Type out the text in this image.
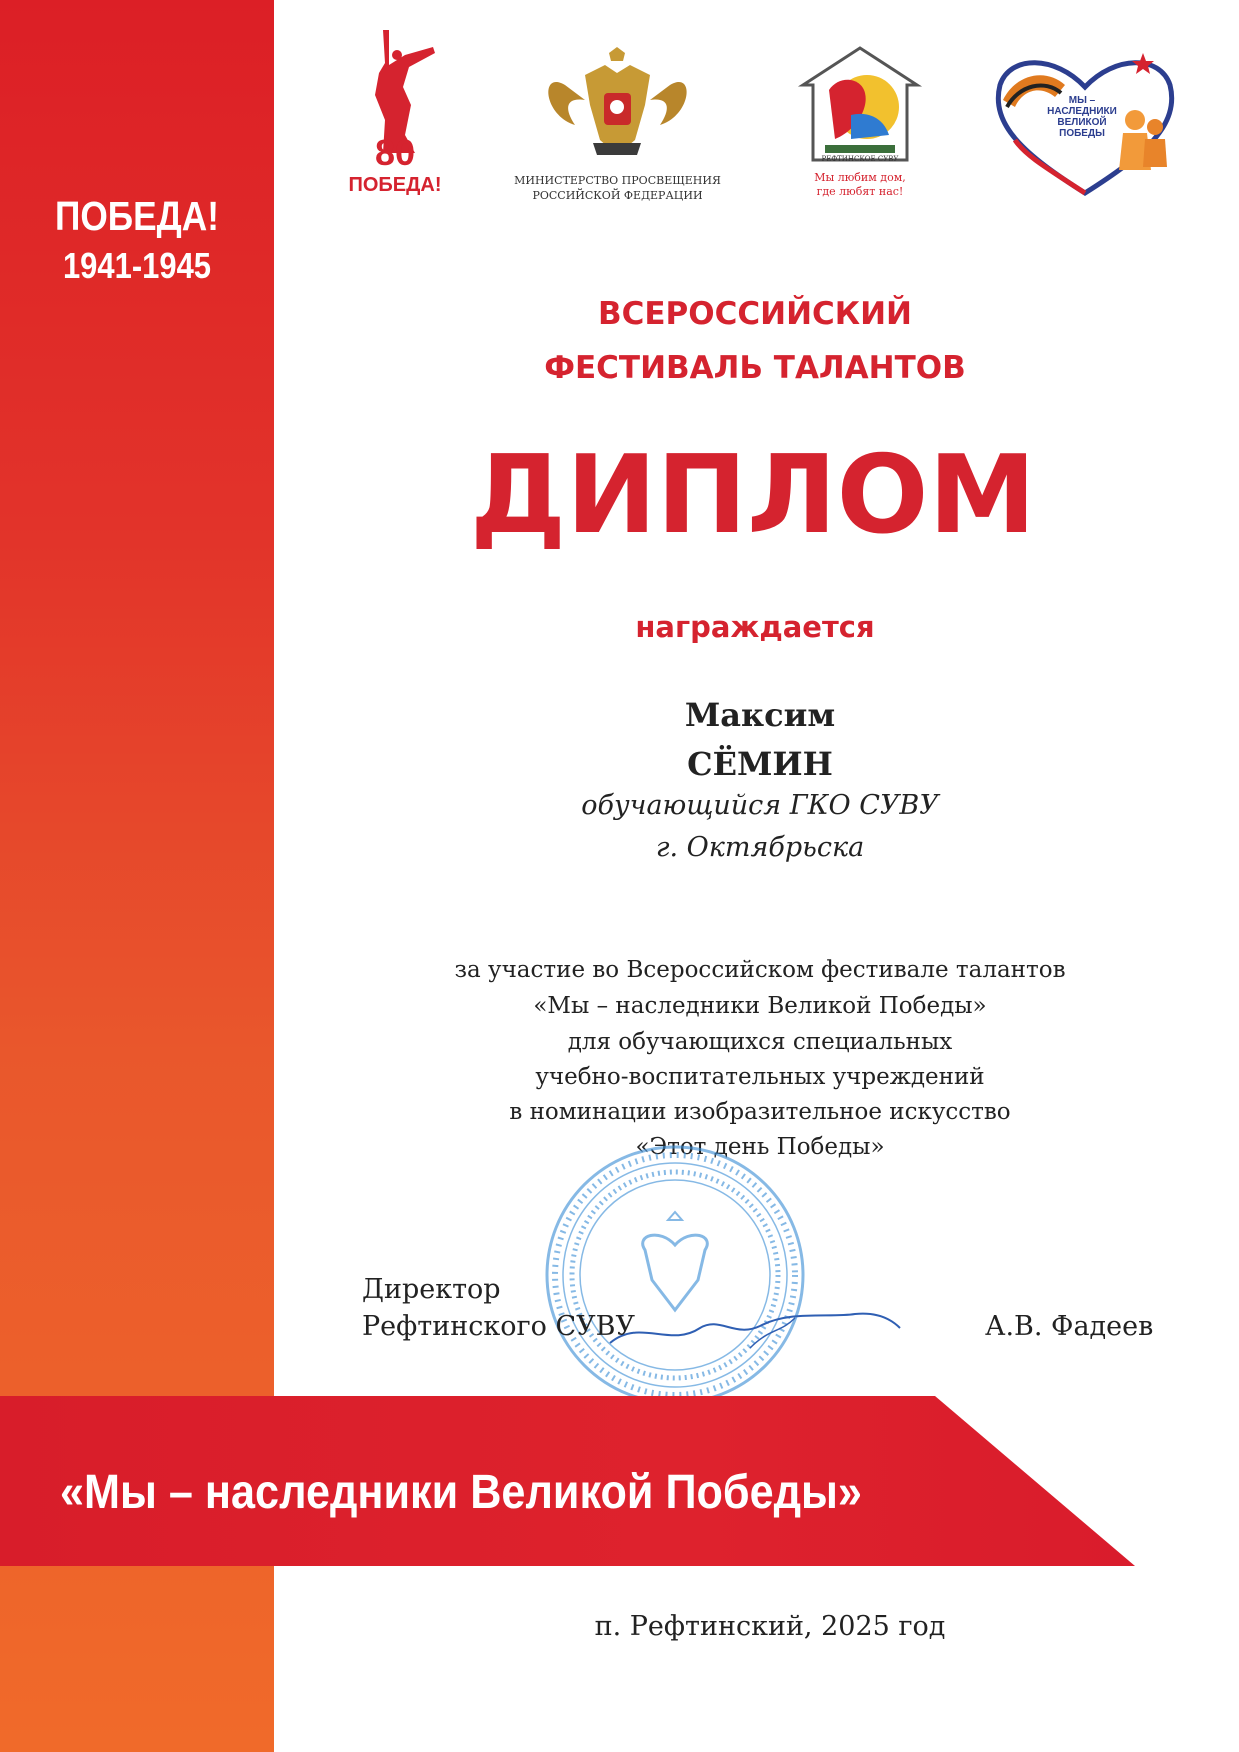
ПОБЕДА!
1941-1945
80
ПОБЕДА!	МИНИСТЕРСТВО ПРОСВЕЩЕНИЯ
РОССИЙСКОЙ ФЕДЕРАЦИИ
РЕФТИНСКОЕ СУВУ
Мы любим дом,
где любят нас!
МЫ –
НАСЛЕДНИКИ
ВЕЛИКОЙ
ПОБЕДЫ
ВСЕРОССИЙСКИЙ
ФЕСТИВАЛЬ ТАЛАНТОВ
ДИПЛОМ
награждается
Максим
СЁМИН
обучающийся ГКО СУВУ
г. Октябрьска
за участие во Всероссийском фестивале талантов
«Мы – наследники Великой Победы»
для обучающихся специальных
учебно-воспитательных учреждений
в номинации изобразительное искусство
«Этот день Победы»
Директор
Рефтинского СУВУ	А.В. Фадеев
«Мы – наследники Великой Победы»
п. Рефтинский, 2025 год
